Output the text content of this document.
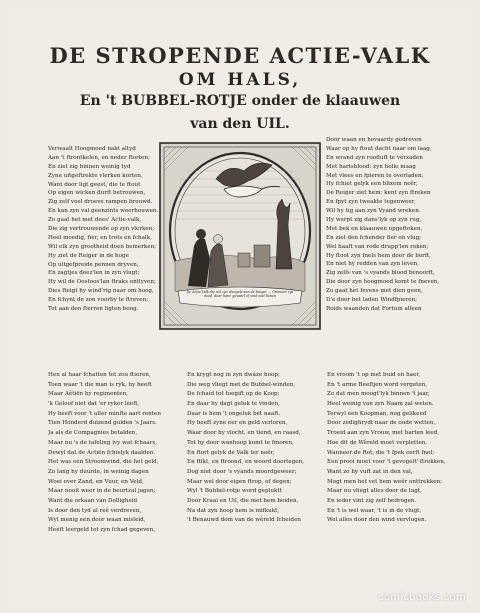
DE STROPENDE ACTIE-VALK
OM HALS,
En 't BUBBEL-ROTJE onder de klaauwen
van den UIL.
Verwaalt Hoogmoed nakt altyd
Aan 't ftrontkelen, en neder ftorten;
En ziet zig binnen weinig tyd
Zyne uitgeftrekte vlerken korten,
Want door ligt geest, die te ftout
Op eigen wicken durft betrouwen,
Zig zelf veel droeve rampen brouwd.
En kan zyn val geenzints weerhouwen.
Zo gaat het met dees' Actie-valk,
Die zig vertrouwende op zyn vlerken;
Heel moedig, fier, en trots en fchalk,
Wil elk zyn grootheid doen bemerken;
Hy ziet de Reiger in de hoge
Op uitgefpreide pennen dryven,
En zagtjes deez'len in zyn vlugt;
Hy wil de Oostoos'lan ftraks ontlyven;
Dies fteigt hy wind'rig naar om hoog,
En fchynt de zon voorby te ftreven;
Tot aan den fterren ligten boog.
Door waan en hovaardy gedreven
Waar op hy ftout dacht naar om laag,
En wrand zyn roofluft te verzaden
Met hartsblood: zyn holle maag
Met vlees en fpieren te overladen;
Hy fchiet gelyk een blixem neêr,
De Reiger ziet hem: kent zyn ftreken
En fpyt zyn tweakte tegenweer,
Wil hy tig aan zyn Vyand wreken.
Hy werpt zig dans'lyk op zyn rug,
Met bek en klaauwen opgeftoken,
En ziet den fchender fier en vlug;
Wel haaft van rode drupp'len roken;
Hy ftoot zyn fnels hem door de borft,
En niet hy redden van zyn leven,
Zig zelfs van 's vyands blood benoorft,
Die door zyn hoogmoed komt te fneven,
Zo gaat het fevens met dien geen,
D'e door bet laden Windfpieren;
Roids waanden dat Fortuin alleen
De Actie-Valk die wil zyn vleugels aan de Reiger ... Ontmoet zyn dood, door hare' gevaarl of vind niet bonen
Hen al haar fchatten tot zou ftieren,
Toen waar 't die man is ryk, hy heeft
Maar Aêtiën by regimenten,
'k Geloof niet dat 'er ryker leeft,
Hy heeft voor 't aller minfte aart renten
Tien Honderd duizend gulden 's Jaars.
Ja als de Compagnies betalden,
Maar nu 's de tafeling ivy wat fchaars,
Dewyl dat de Actiën fchielyk daalden.
Het was een Stroomwind, die het geld,
Zo lang hy duurde, in weinig dagen
Woei over Zand, en Vuur, en Veld,
Maar nooit weer in de beurtzal jagen;
Want die orkaan van Dolligheid
Is door den tyd al reê verdreven,
Wyl menig een door waan misleid,
Heeft leergeld tot zyn fchad gegeven,
En krygt nog in zyn dwáze hoop;
Die weg vliegt met de Bubbel-winden,
De fchaid tot toegift op de Koop;
En daar hy dagt geluk te vinden,
Daar is hem 't ongeluk bet naaft.
Hy heeft zyne eer en geld verloren,
Waar door hy vlocht, en tiend, en raasd,
Tot hy door wanhoop komt te fmoren,
En ftort gelyk de Valk ter neêr,
En ftikt, en ftroond, en woord doortegen,
Dog niet door 's vyands moordgeweer;
Maar wel door eigen ftrop, of degen;
Wyl 't Bubbel-rotje word gepluktt
Door Kraai en Uil, die met hem beiden,
Na dat zyn hoop hem is mifkukt,
't Benauwd dom van de wêreld fcheiden
En vroom 't op met buid en haer,
En 't arme Beeftjen word vergeten,
Zo dat men moogt'lyk binnen 't jaar,
Heel weinig van zyn Naam zal weten.
Terwyl een Koopman, nog gelikeed
Door zedighrydt naar de oude wetten,
Troeid aan zyn Vrouw, met harten leed,
Hoe dit de Wêreld moet verpletten.
Wanneer de Rot, die 't fpek eerft fnol;
Een prooi moet voor 't gevogelt' ftrekken,
Want zo hy vuft zat in den val,
Mogt men het vet hem weêr onttrekken;
Maar nu vliegt alles door de lugt,
En ieder vint zig zelf bedrogen.
En 't is wel waar, 't is in de vlugt,
Wel alles door den wind vervlogen.
comicbooks.com
